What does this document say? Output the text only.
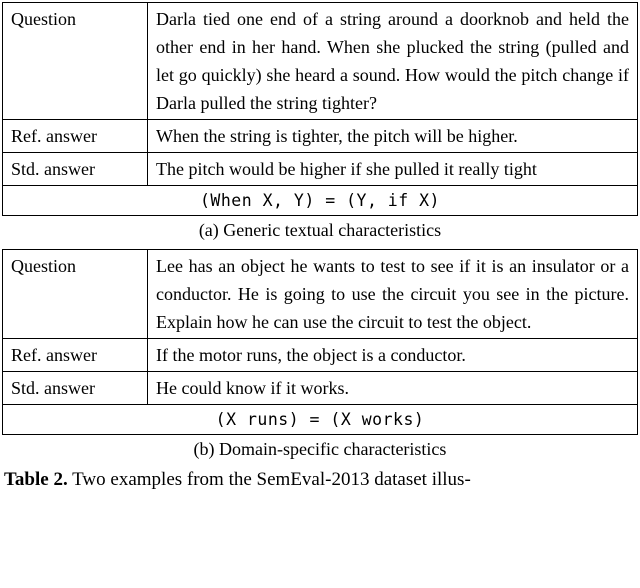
Question	Darla tied one end of a string around a doorknob and held the other end in her hand. When she plucked the string (pulled and let go quickly) she heard a sound. How would the pitch change if Darla pulled the string tighter?
Ref. answer	When the string is tighter, the pitch will be higher.
Std. answer	The pitch would be higher if she pulled it really tight
(When X, Y) = (Y, if X)	
(a) Generic textual characteristics
Question	Lee has an object he wants to test to see if it is an insulator or a conductor. He is going to use the circuit you see in the picture. Explain how he can use the circuit to test the object.
Ref. answer	If the motor runs, the object is a conductor.
Std. answer	He could know if it works.
(X runs) = (X works)	
(b) Domain-specific characteristics
Table 2. Two examples from the SemEval-2013 dataset illus-
